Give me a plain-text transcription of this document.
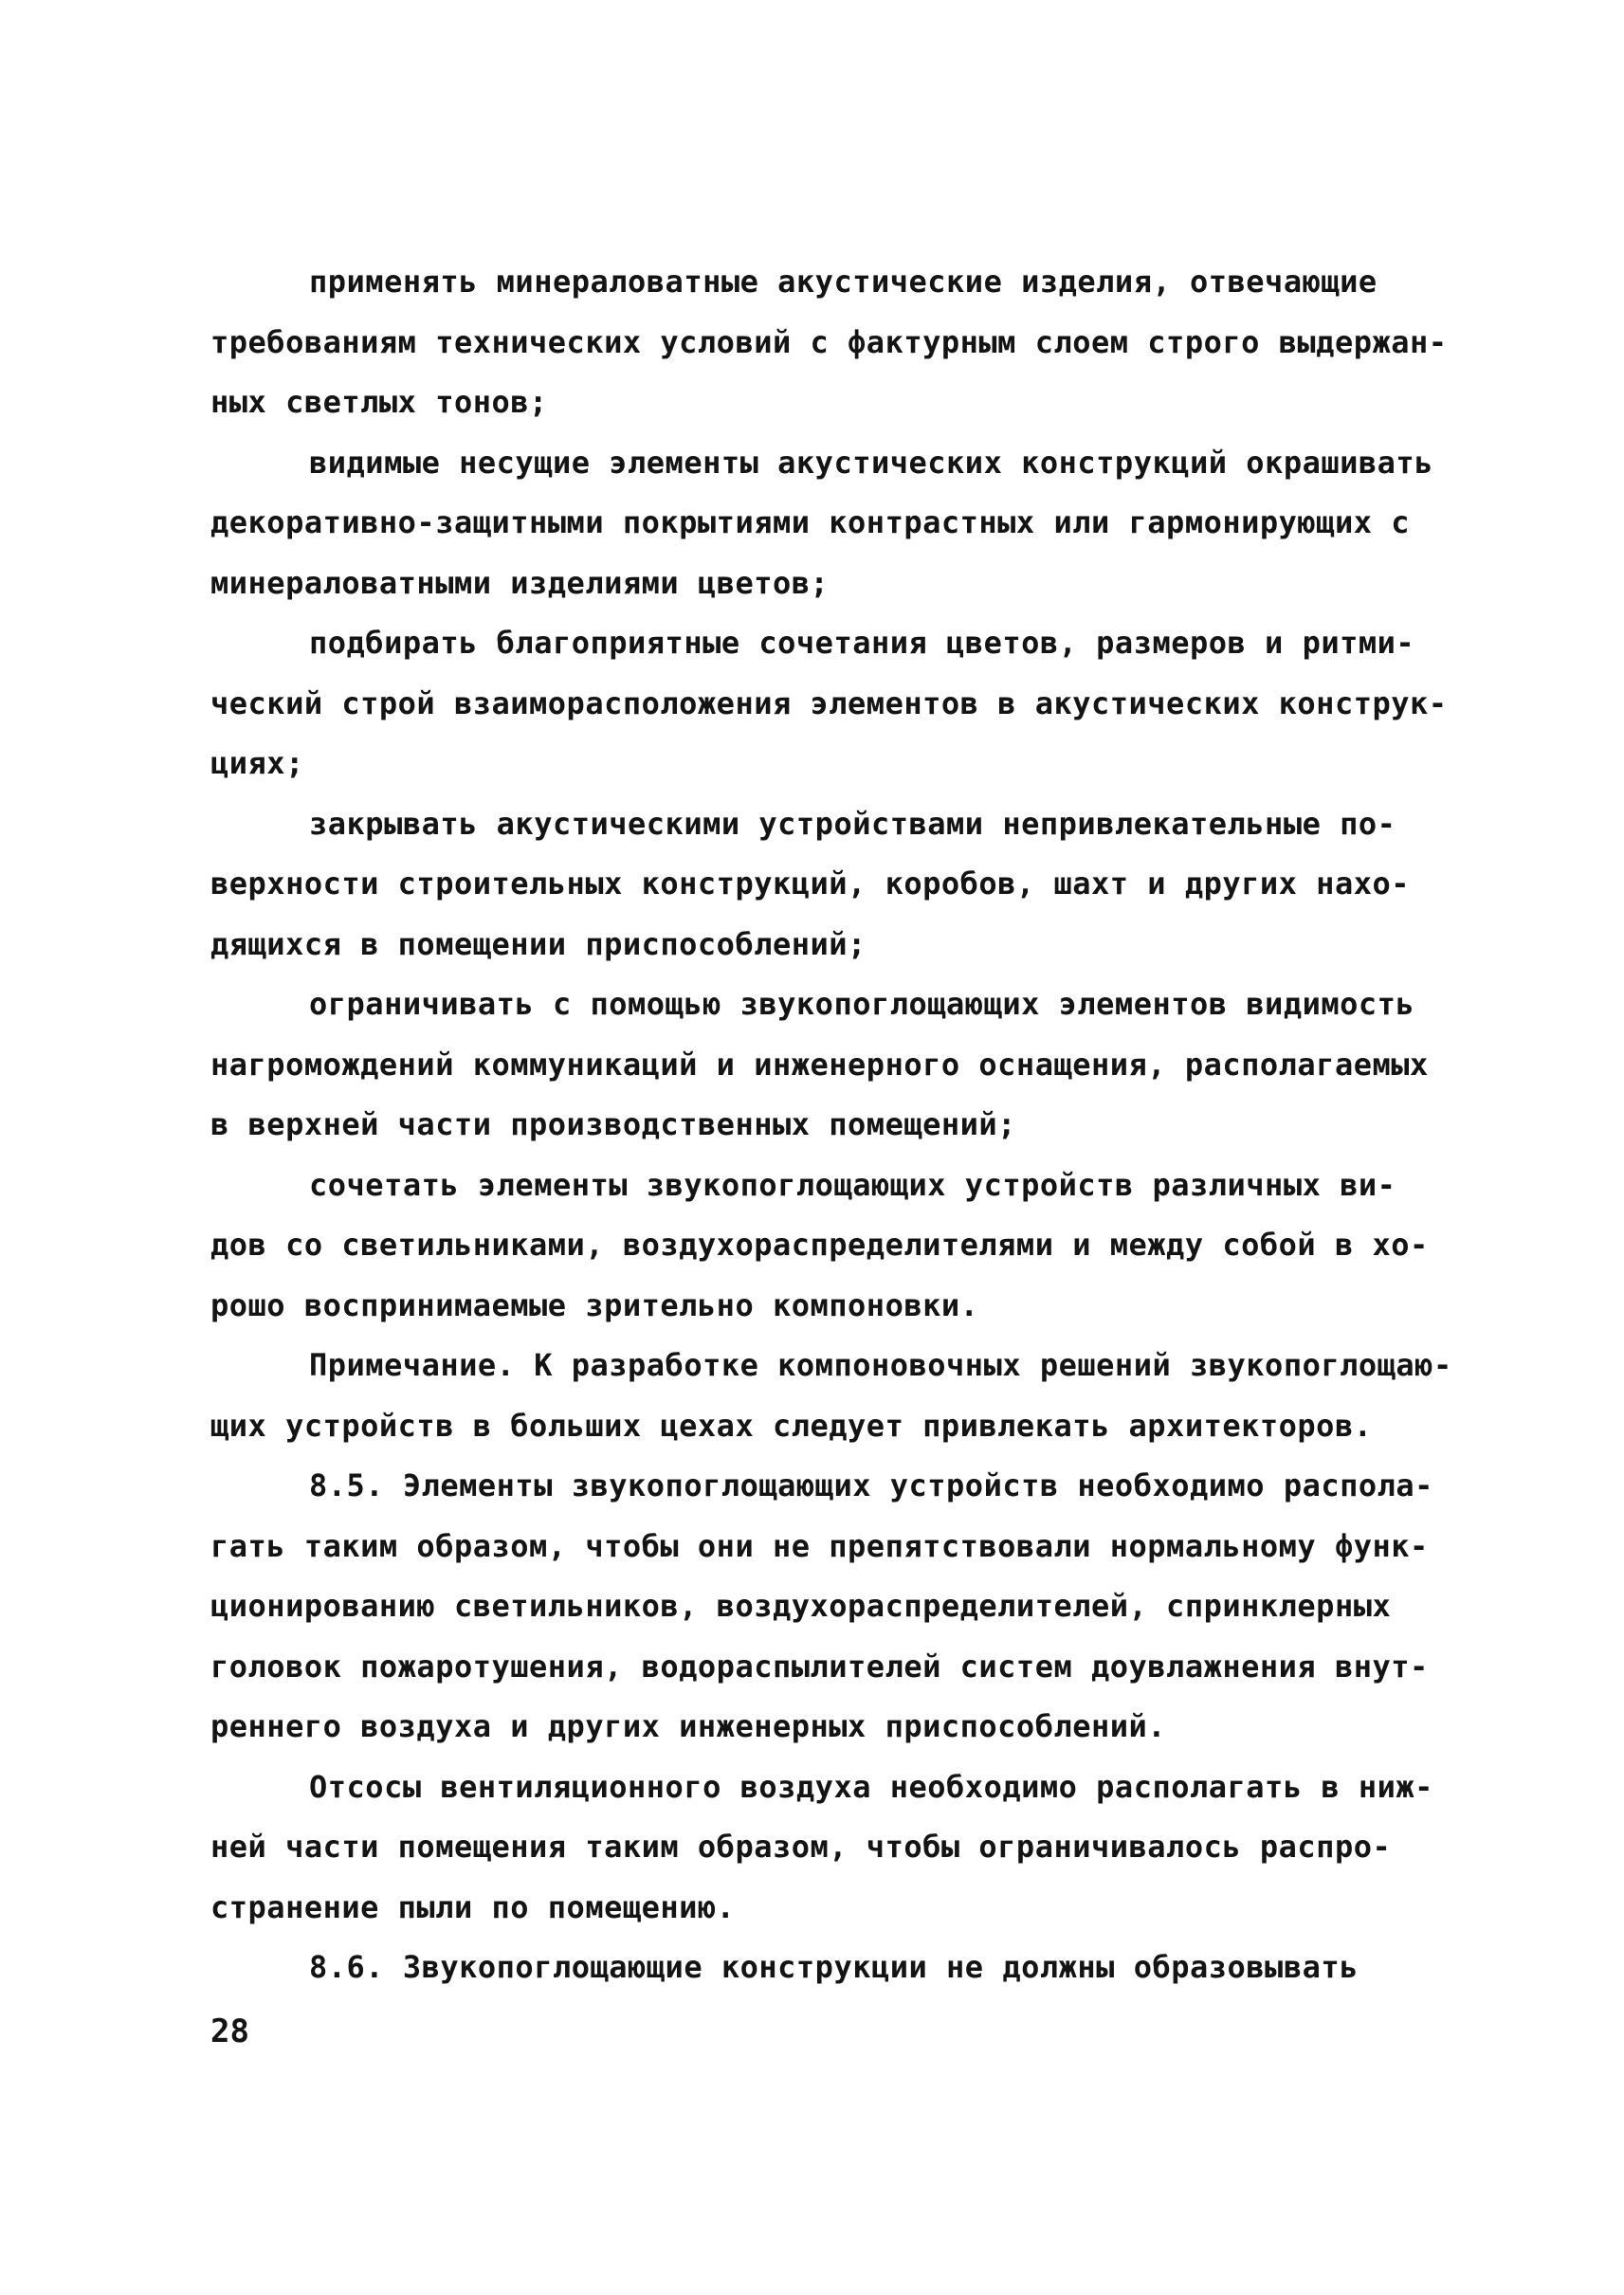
применять минераловатные акустические изделия, отвечающие
требованиям технических условий с фактурным слоем строго выдержан-
ных светлых тонов;
видимые несущие элементы акустических конструкций окрашивать
декоративно-защитными покрытиями контрастных или гармонирующих с
минераловатными изделиями цветов;
подбирать благоприятные сочетания цветов, размеров и ритми-
ческий строй взаиморасположения элементов в акустических конструк-
циях;
закрывать акустическими устройствами непривлекательные по-
верхности строительных конструкций, коробов, шахт и других нахо-
дящихся в помещении приспособлений;
ограничивать с помощью звукопоглощающих элементов видимость
нагромождений коммуникаций и инженерного оснащения, располагаемых
в верхней части производственных помещений;
сочетать элементы звукопоглощающих устройств различных ви-
дов со светильниками, воздухораспределителями и между собой в хо-
рошо воспринимаемые зрительно компоновки.
Примечание. К разработке компоновочных решений звукопоглощаю-
щих устройств в больших цехах следует привлекать архитекторов.
8.5. Элементы звукопоглощающих устройств необходимо распола-
гать таким образом, чтобы они не препятствовали нормальному функ-
ционированию светильников, воздухораспределителей, спринклерных
головок пожаротушения, водораспылителей систем доувлажнения внут-
реннего воздуха и других инженерных приспособлений.
Отсосы вентиляционного воздуха необходимо располагать в ниж-
ней части помещения таким образом, чтобы ограничивалось распро-
странение пыли по помещению.
8.6. Звукопоглощающие конструкции не должны образовывать
28
